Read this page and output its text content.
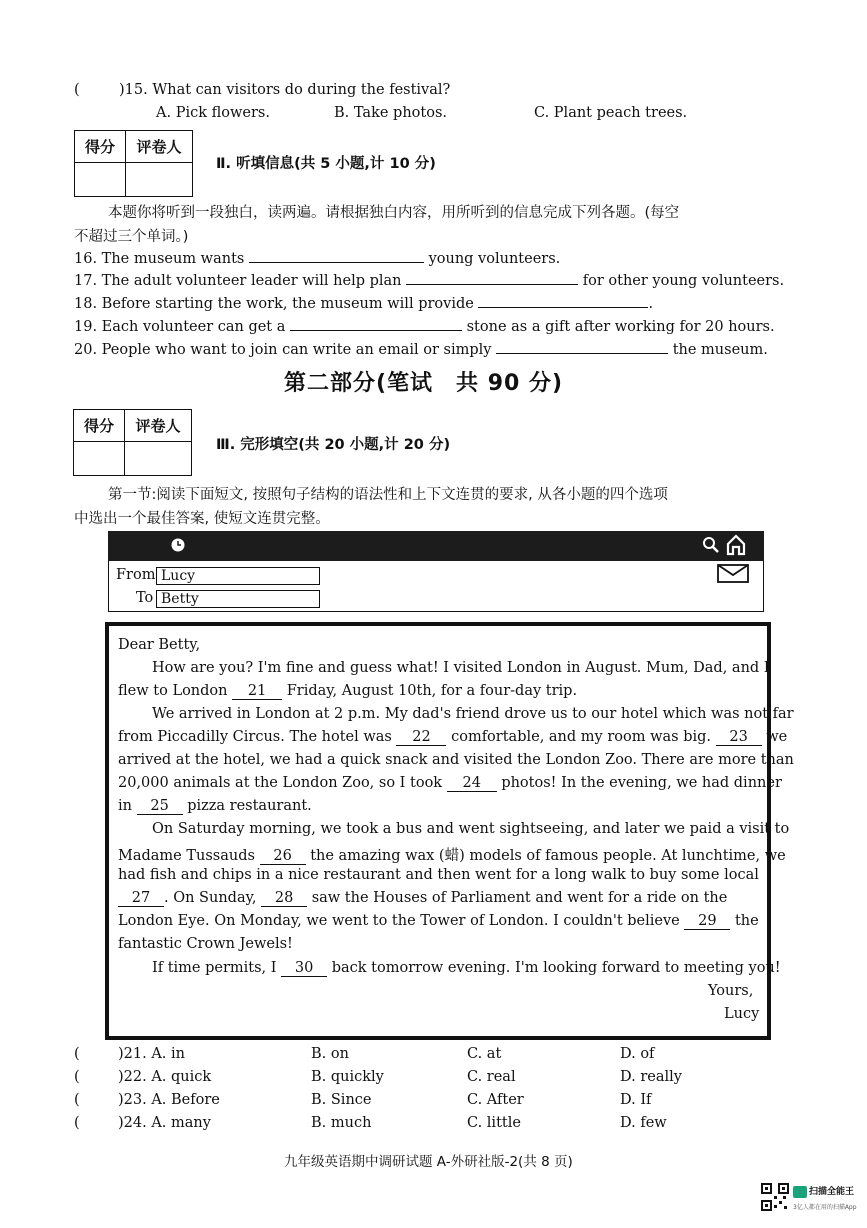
(	)15. What can visitors do during the festival?
A. Pick flowers.	B. Take photos.	C. Plant peach trees.
得分	评卷人

Ⅱ. 听填信息(共 5 小题,计 10 分)
本题你将听到一段独白，读两遍。请根据独白内容，用所听到的信息完成下列各题。(每空
不超过三个单词。)
16. The museum wants	young volunteers.
17. The adult volunteer leader will help plan	for other young volunteers.
18. Before starting the work, the museum will provide	.
19. Each volunteer can get a	stone as a gift after working for 20 hours.
20. People who want to join can write an email or simply	the museum.
第二部分(笔试　共 90 分)
得分	评卷人

Ⅲ. 完形填空(共 20 小题,计 20 分)
第一节:阅读下面短文, 按照句子结构的语法性和上下文连贯的要求, 从各小题的四个选项
中选出一个最佳答案, 使短文连贯完整。
From Lucy
To Betty
Dear Betty,
How are you? I'm fine and guess what! I visited London in August. Mum, Dad, and I
flew to London 21 Friday, August 10th, for a four-day trip.
We arrived in London at 2 p.m. My dad's friend drove us to our hotel which was not far
from Piccadilly Circus. The hotel was 22 comfortable, and my room was big. 23 we
arrived at the hotel, we had a quick snack and visited the London Zoo. There are more than
20,000 animals at the London Zoo, so I took 24 photos! In the evening, we had dinner
in 25 pizza restaurant.
On Saturday morning, we took a bus and went sightseeing, and later we paid a visit to
Madame Tussauds 26 the amazing wax (蜡) models of famous people. At lunchtime, we
had fish and chips in a nice restaurant and then went for a long walk to buy some local
27 . On Sunday, 28 saw the Houses of Parliament and went for a ride on the
London Eye. On Monday, we went to the Tower of London. I couldn't believe 29 the
fantastic Crown Jewels!
If time permits, I 30 back tomorrow evening. I'm looking forward to meeting you!
Yours,
Lucy
(	)21. A. in	B. on	C. at	D. of
(	)22. A. quick	B. quickly	C. real	D. really
(	)23. A. Before	B. Since	C. After	D. If
(	)24. A. many	B. much	C. little	D. few
九年级英语期中调研试题 A-外研社版-2(共 8 页)
扫描全能王
3亿人都在用的扫描App
